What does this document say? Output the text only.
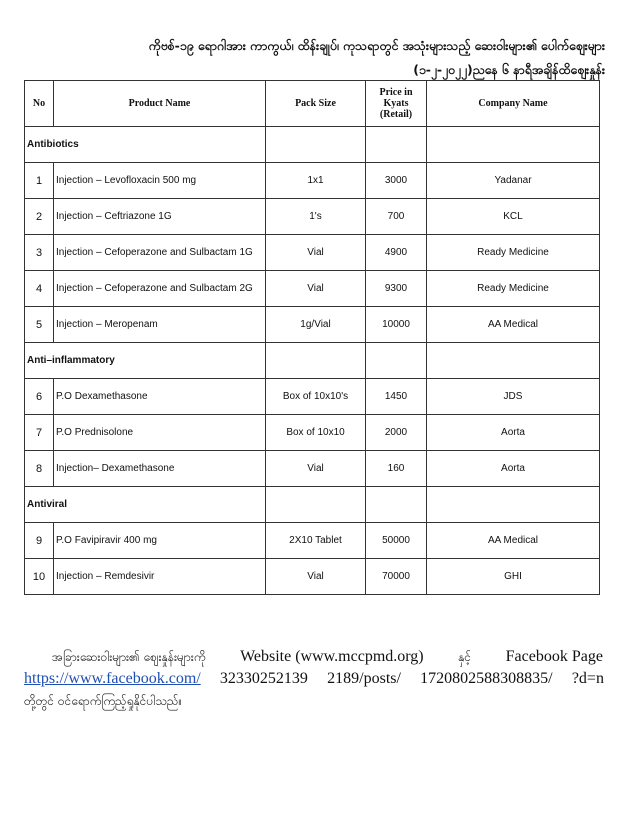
ကိုဗစ်-၁၉ ရောဂါအား ကာကွယ်၊ ထိန်းချုပ်၊ ကုသရာတွင် အသုံးများသည့် ဆေးဝါးများ၏ ပေါက်ဈေးများ
(၁-၂-၂၀၂၂)ညနေ ၆ နာရီအချိန်ထိဈေးနှုန်း
No	Product Name	Pack Size	Price in Kyats (Retail)	Company Name
Antibiotics				
1	Injection – Levofloxacin 500 mg	1x1	3000	Yadanar
2	Injection – Ceftriazone 1G	1's	700	KCL
3	Injection – Cefoperazone and Sulbactam 1G	Vial	4900	Ready Medicine
4	Injection – Cefoperazone and Sulbactam 2G	Vial	9300	Ready Medicine
5	Injection – Meropenam	1g/Vial	10000	AA Medical
Anti–inflammatory				
6	P.O Dexamethasone	Box of 10x10's	1450	JDS
7	P.O Prednisolone	Box of 10x10	2000	Aorta
8	Injection– Dexamethasone	Vial	160	Aorta
Antiviral				
9	P.O Favipiravir 400 mg	2X10 Tablet	50000	AA Medical
10	Injection – Remdesivir	Vial	70000	GHI
အခြားဆေးဝါးများ၏ ဈေးနှုန်းများကို Website (www.mccpmd.org)	နှင့် Facebook Page
https://www.facebook.com/ 32330252139 2189/posts/ 1720802588308835/ ?d=n
တို့တွင် ဝင်ရောက်ကြည့်ရှုနိုင်ပါသည်။
